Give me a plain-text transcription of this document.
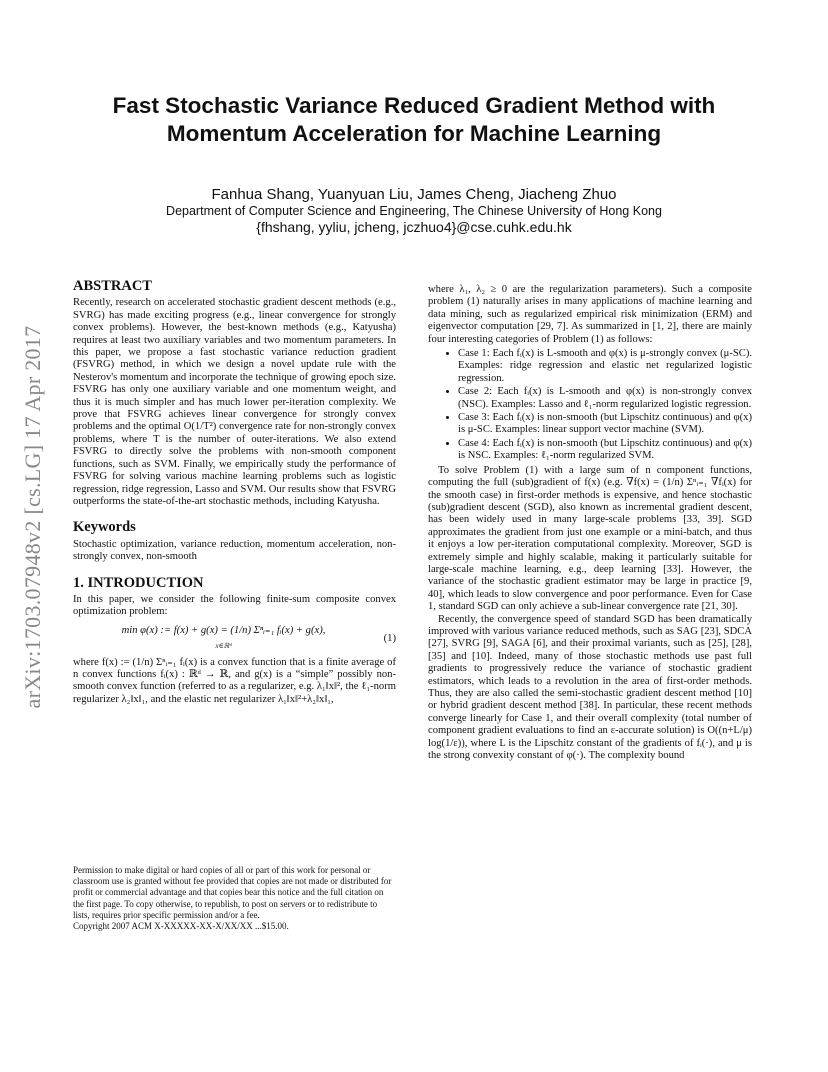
Fast Stochastic Variance Reduced Gradient Method with
Momentum Acceleration for Machine Learning
Fanhua Shang, Yuanyuan Liu, James Cheng, Jiacheng Zhuo
Department of Computer Science and Engineering, The Chinese University of Hong Kong
{fhshang, yyliu, jcheng, jczhuo4}@cse.cuhk.edu.hk
arXiv:1703.07948v2 [cs.LG] 17 Apr 2017
ABSTRACT

Recently, research on accelerated stochastic gradient descent methods (e.g., SVRG) has made exciting progress (e.g., linear convergence for strongly convex problems). However, the best-known methods (e.g., Katyusha) requires at least two auxiliary variables and two momentum parameters. In this paper, we propose a fast stochastic variance reduction gradient (FSVRG) method, in which we design a novel update rule with the Nesterov's momentum and incorporate the technique of growing epoch size. FSVRG has only one auxiliary variable and one momentum weight, and thus it is much simpler and has much lower per-iteration complexity. We prove that FSVRG achieves linear convergence for strongly convex problems and the optimal O(1/T²) convergence rate for non-strongly convex problems, where T is the number of outer-iterations. We also extend FSVRG to directly solve the problems with non-smooth component functions, such as SVM. Finally, we empirically study the performance of FSVRG for solving various machine learning problems such as logistic regression, ridge regression, Lasso and SVM. Our results show that FSVRG outperforms the state-of-the-art stochastic methods, including Katyusha.

Keywords

Stochastic optimization, variance reduction, momentum acceleration, non-strongly convex, non-smooth

1. INTRODUCTION

In this paper, we consider the following finite-sum composite convex optimization problem:

min φ(x) := f(x) + g(x) = (1/n) Σⁿᵢ₌₁ fᵢ(x) + g(x),
$_{x\in ℝᵈ}$
(1)

where f(x) := (1/n) Σⁿᵢ₌₁ fᵢ(x) is a convex function that is a finite average of n convex functions fᵢ(x) : ℝᵈ → ℝ, and g(x) is a “simple” possibly non-smooth convex function (referred to as a regularizer, e.g. λ₁‖x‖², the ℓ₁-norm regularizer λ₂‖x‖₁, and the elastic net regularizer λ₁‖x‖²+λ₂‖x‖₁,

Permission to make digital or hard copies of all or part of this work for personal or classroom use is granted without fee provided that copies are not made or distributed for profit or commercial advantage and that copies bear this notice and the full citation on the first page. To copy otherwise, to republish, to post on servers or to redistribute to lists, requires prior specific permission and/or a fee.

Copyright 2007 ACM X-XXXXX-XX-X/XX/XX ...$15.00.

where λ₁, λ₂ ≥ 0 are the regularization parameters). Such a composite problem (1) naturally arises in many applications of machine learning and data mining, such as regularized empirical risk minimization (ERM) and eigenvector computation [29, 7]. As summarized in [1, 2], there are mainly four interesting categories of Problem (1) as follows:

• Case 1: Each fᵢ(x) is L-smooth and φ(x) is μ-strongly convex (μ-SC). Examples: ridge regression and elastic net regularized logistic regression.
• Case 2: Each fᵢ(x) is L-smooth and φ(x) is non-strongly convex (NSC). Examples: Lasso and ℓ₁-norm regularized logistic regression.
• Case 3: Each fᵢ(x) is non-smooth (but Lipschitz continuous) and φ(x) is μ-SC. Examples: linear support vector machine (SVM).
• Case 4: Each fᵢ(x) is non-smooth (but Lipschitz continuous) and φ(x) is NSC. Examples: ℓ₁-norm regularized SVM.

To solve Problem (1) with a large sum of n component functions, computing the full (sub)gradient of f(x) (e.g. ∇f(x) = (1/n) Σⁿᵢ₌₁ ∇fᵢ(x) for the smooth case) in first-order methods is expensive, and hence stochastic (sub)gradient descent (SGD), also known as incremental gradient descent, has been widely used in many large-scale problems [33, 39]. SGD approximates the gradient from just one example or a mini-batch, and thus it enjoys a low per-iteration computational complexity. Moreover, SGD is extremely simple and highly scalable, making it particularly suitable for large-scale machine learning, e.g., deep learning [33]. However, the variance of the stochastic gradient estimator may be large in practice [9, 40], which leads to slow convergence and poor performance. Even for Case 1, standard SGD can only achieve a sub-linear convergence rate [21, 30].

Recently, the convergence speed of standard SGD has been dramatically improved with various variance reduced methods, such as SAG [23], SDCA [27], SVRG [9], SAGA [6], and their proximal variants, such as [25], [28], [35] and [10]. Indeed, many of those stochastic methods use past full gradients to progressively reduce the variance of stochastic gradient estimators, which leads to a revolution in the area of first-order methods. Thus, they are also called the semi-stochastic gradient descent method [10] or hybrid gradient descent method [38]. In particular, these recent methods converge linearly for Case 1, and their overall complexity (total number of component gradient evaluations to find an ε-accurate solution) is O((n+L/μ) log(1/ε)), where L is the Lipschitz constant of the gradients of fᵢ(·), and μ is the strong convexity constant of φ(·). The complexity bound
